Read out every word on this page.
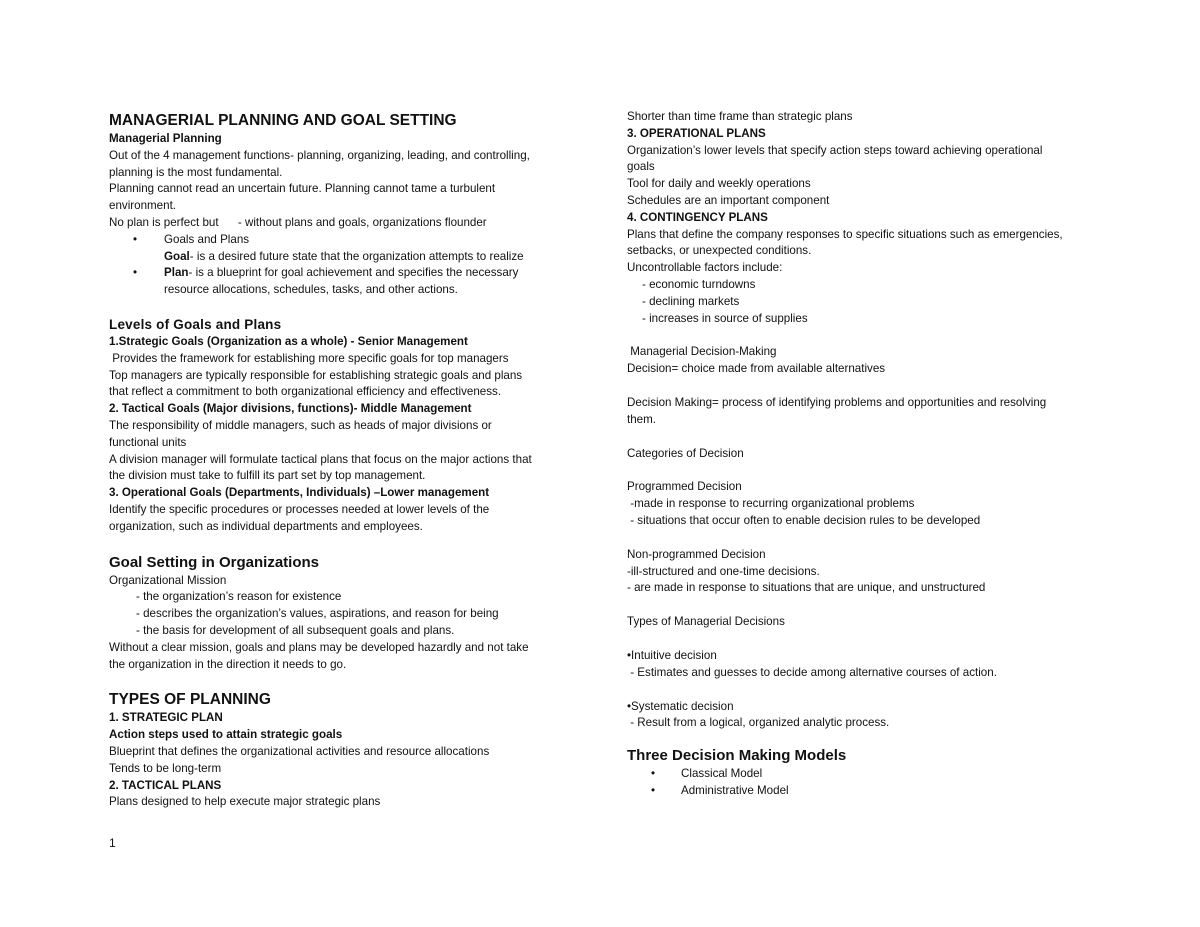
MANAGERIAL PLANNING AND GOAL SETTING
Managerial Planning
Out of the 4 management functions- planning, organizing, leading, and controlling,
planning is the most fundamental.
Planning cannot read an uncertain future. Planning cannot tame a turbulent
environment.
No plan is perfect but      - without plans and goals, organizations flounder
• Goals and Plans
Goal- is a desired future state that the organization attempts to realize
• Plan- is a blueprint for goal achievement and specifies the necessary
resource allocations, schedules, tasks, and other actions.
Levels of Goals and Plans
1.Strategic Goals (Organization as a whole) - Senior Management
Provides the framework for establishing more specific goals for top managers
Top managers are typically responsible for establishing strategic goals and plans
that reflect a commitment to both organizational efficiency and effectiveness.
2. Tactical Goals (Major divisions, functions)- Middle Management
The responsibility of middle managers, such as heads of major divisions or
functional units
A division manager will formulate tactical plans that focus on the major actions that
the division must take to fulfill its part set by top management.
3. Operational Goals (Departments, Individuals) –Lower management
Identify the specific procedures or processes needed at lower levels of the
organization, such as individual departments and employees.
Goal Setting in Organizations
Organizational Mission
- the organization’s reason for existence
- describes the organization’s values, aspirations, and reason for being
- the basis for development of all subsequent goals and plans.
Without a clear mission, goals and plans may be developed hazardly and not take
the organization in the direction it needs to go.
TYPES OF PLANNING
1. STRATEGIC PLAN
Action steps used to attain strategic goals
Blueprint that defines the organizational activities and resource allocations
Tends to be long-term
2. TACTICAL PLANS
Plans designed to help execute major strategic plans
1
Shorter than time frame than strategic plans
3. OPERATIONAL PLANS
Organization’s lower levels that specify action steps toward achieving operational
goals
Tool for daily and weekly operations
Schedules are an important component
4. CONTINGENCY PLANS
Plans that define the company responses to specific situations such as emergencies,
setbacks, or unexpected conditions.
Uncontrollable factors include:
- economic turndowns
- declining markets
- increases in source of supplies
Managerial Decision-Making
Decision= choice made from available alternatives
Decision Making= process of identifying problems and opportunities and resolving
them.
Categories of Decision
Programmed Decision
-made in response to recurring organizational problems
- situations that occur often to enable decision rules to be developed
Non-programmed Decision
-ill-structured and one-time decisions.
- are made in response to situations that are unique, and unstructured
Types of Managerial Decisions
•Intuitive decision
- Estimates and guesses to decide among alternative courses of action.
•Systematic decision
- Result from a logical, organized analytic process.
Three Decision Making Models
• Classical Model
• Administrative Model
